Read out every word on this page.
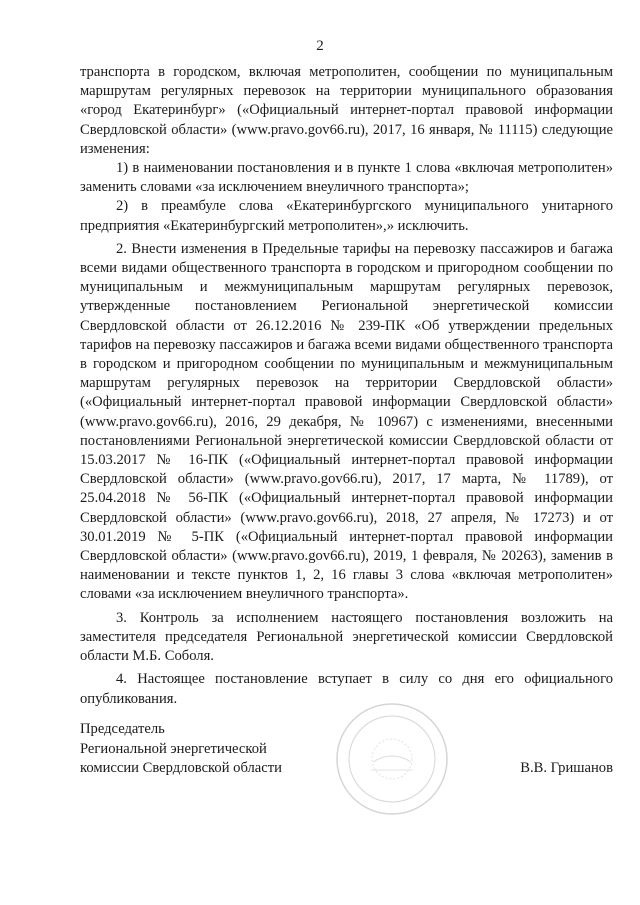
2

транспорта в городском, включая метрополитен, сообщении по муниципальным маршрутам регулярных перевозок на территории муниципального образования «город Екатеринбург» («Официальный интернет-портал правовой информации Свердловской области» (www.pravo.gov66.ru), 2017, 16 января, № 11115) следующие изменения:

1) в наименовании постановления и в пункте 1 слова «включая метрополитен» заменить словами «за исключением внеуличного транспорта»;

2) в преамбуле слова «Екатеринбургского муниципального унитарного предприятия «Екатеринбургский метрополитен»,» исключить.

2. Внести изменения в Предельные тарифы на перевозку пассажиров и багажа всеми видами общественного транспорта в городском и пригородном сообщении по муниципальным и межмуниципальным маршрутам регулярных перевозок, утвержденные постановлением Региональной энергетической комиссии Свердловской области от 26.12.2016 № 239-ПК «Об утверждении предельных тарифов на перевозку пассажиров и багажа всеми видами общественного транспорта в городском и пригородном сообщении по муниципальным и межмуниципальным маршрутам регулярных перевозок на территории Свердловской области» («Официальный интернет-портал правовой информации Свердловской области» (www.pravo.gov66.ru), 2016, 29 декабря, № 10967) с изменениями, внесенными постановлениями Региональной энергетической комиссии Свердловской области от 15.03.2017 № 16-ПК («Официальный интернет-портал правовой информации Свердловской области» (www.pravo.gov66.ru), 2017, 17 марта, № 11789), от 25.04.2018 № 56-ПК («Официальный интернет-портал правовой информации Свердловской области» (www.pravo.gov66.ru), 2018, 27 апреля, № 17273) и от 30.01.2019 № 5-ПК («Официальный интернет-портал правовой информации Свердловской области» (www.pravo.gov66.ru), 2019, 1 февраля, № 20263), заменив в наименовании и тексте пунктов 1, 2, 16 главы 3 слова «включая метрополитен» словами «за исключением внеуличного транспорта».

3. Контроль за исполнением настоящего постановления возложить на заместителя председателя Региональной энергетической комиссии Свердловской области М.Б. Соболя.

4. Настоящее постановление вступает в силу со дня его официального опубликования.

Председатель
Региональной энергетической
комиссии Свердловской области	В.В. Гришанов
